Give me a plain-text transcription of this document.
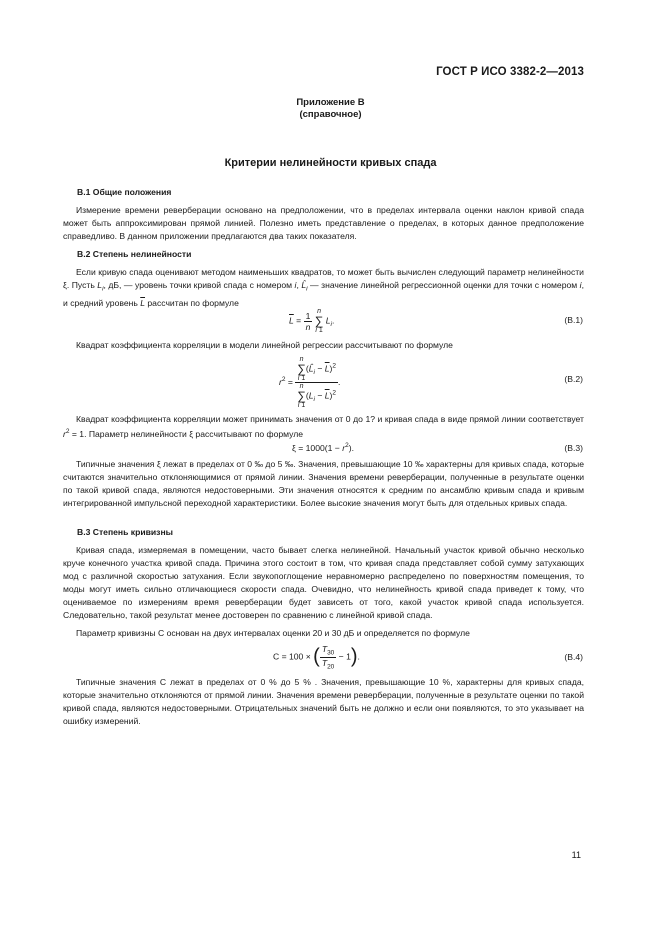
ГОСТ Р ИСО 3382-2—2013
Приложение В
(справочное)
Критерии нелинейности кривых спада
В.1 Общие положения

Измерение времени реверберации основано на предположении, что в пределах интервала оценки наклон кривой спада может быть аппроксимирован прямой линией. Полезно иметь представление о пределах, в которых данное предположение справедливо. В данном приложении предлагаются два таких показателя.

В.2 Степень нелинейности

Если кривую спада оценивают методом наименьших квадратов, то может быть вычислен следующий параметр нелинейности ξ. Пусть $L_i$, дБ, — уровень точки кривой спада с номером i, $L̂_i$ — значение линейной регрессионной оценки для точки с номером i, и средний уровень $\overline{L}$ рассчитан по формуле

$\overline{L} = \frac{1}{n}$ n
∑
i 1 $L_i$.	(В.1)

Квадрат коэффициента корреляции в модели линейной регрессии рассчитывают по формуле

$r^2 = n$
∑
i $1(L̂_i - \overline{L})^2$
n
∑
i $1(L_i - \overline{L})^2$ .	(В.2)

Квадрат коэффициента корреляции может принимать значения от 0 до 1? и кривая спада в виде прямой линии соответствует $r^2 = 1$. Параметр нелинейности ξ рассчитывают по формуле

$\xi = 1000(1 - r^2)$.	(В.3)

Типичные значения ξ лежат в пределах от 0 ‰ до 5 ‰. Значения, превышающие 10 ‰ характерны для кривых спада, которые считаются значительно отклоняющимися от прямой линии. Значения времени реверберации, полученные в результате оценки по такой кривой спада, являются недостоверными. Эти значения относятся к средним по ансамблю кривым спада и кривым интегрированной импульсной переходной характеристики. Более высокие значения могут быть для отдельных кривых спада.

В.3 Степень кривизны

Кривая спада, измеряемая в помещении, часто бывает слегка нелинейной. Начальный участок кривой обычно несколько круче конечного участка кривой спада. Причина этого состоит в том, что кривая спада представляет собой сумму затухающих мод с различной скоростью затухания. Если звукопоглощение неравномерно распределено по поверхностям помещения, то моды могут иметь сильно отличающиеся скорости спада. Очевидно, что нелинейность кривой спада приведет к тому, что оцениваемое по измерениям время реверберации будет зависеть от того, какой участок кривой спада используется. Следовательно, такой результат менее достоверен по сравнению с линейной кривой спада.

Параметр кривизны C основан на двух интервалах оценки 20 и 30 дБ и определяется по формуле

C = 100 × ( $\frac{T_{30}}{T_{20}} - 1$).	(В.4)

Типичные значения C лежат в пределах от 0 % до 5 % . Значения, превышающие 10 %, характерны для кривых спада, которые значительно отклоняются от прямой линии. Значения времени реверберации, полученные в результате оценки по такой кривой спада, являются недостоверными. Отрицательных значений быть не должно и если они появляются, то это указывает на ошибку измерений.

11
